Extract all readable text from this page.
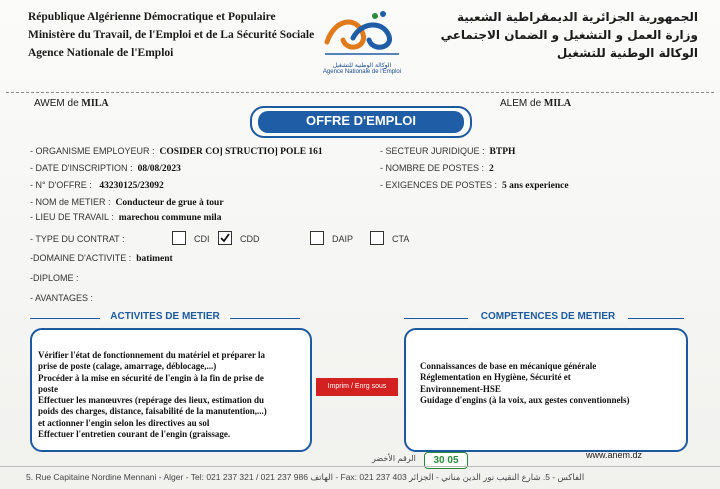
République Algérienne Démocratique et Populaire
Ministère du Travail, de l'Emploi et de La Sécurité Sociale
Agence Nationale de l'Emploi
الوكالة الوطنية للتشغيل
Agence Nationale de l'Emploi
الجمهورية الجزائرية الديمقراطية الشعبية
وزارة العمل و التشغيل و الضمان الاجتماعي
الوكالة الوطنية للتشغيل
AWEM de MILA	ALEM de MILA
OFFRE D'EMPLOI
- ORGANISME EMPLOYEUR : COSIDER CO] STRUCTIO] POLE 161	- SECTEUR JURIDIQUE : BTPH
- DATE D'INSCRIPTION : 08/08/2023	- NOMBRE DE POSTES : 2
- N° D'OFFRE : 43230125/23092	- EXIGENCES DE POSTES : 5 ans experience
- NOM de METIER : Conducteur de grue à tour
- LIEU DE TRAVAIL : marechou commune mila
- TYPE DU CONTRAT :	CDI	CDD	DAIP	CTA
-DOMAINE D'ACTIVITE : batiment
-DIPLOME :
- AVANTAGES :
ACTIVITES DE METIER	COMPETENCES DE METIER
Vérifier l'état de fonctionnement du matériel et préparer la
prise de poste (calage, amarrage, déblocage,...)
Procéder à la mise en sécurité de l'engin à la fin de prise de
poste
Effectuer les manœuvres (repérage des lieux, estimation du
poids des charges, distance, faisabilité de la manutention,...)
et actionner l'engin selon les directives au sol
Effectuer l'entretien courant de l'engin (graissage.
Connaissances de base en mécanique générale
Réglementation en Hygiène, Sécurité et
Environnement-HSE
Guidage d'engins (à la voix, aux gestes conventionnels)
Imprim / Enrg sous
الرقم الأخضر	30 05	www.anem.dz
5. Rue Capitaine Nordine Mennani - Alger - Tel: 021 237 321 / 021 237 986 الهاتف - Fax: 021 237 403 الفاكس - 5. شارع النقيب نور الدين مناني - الجزائر
